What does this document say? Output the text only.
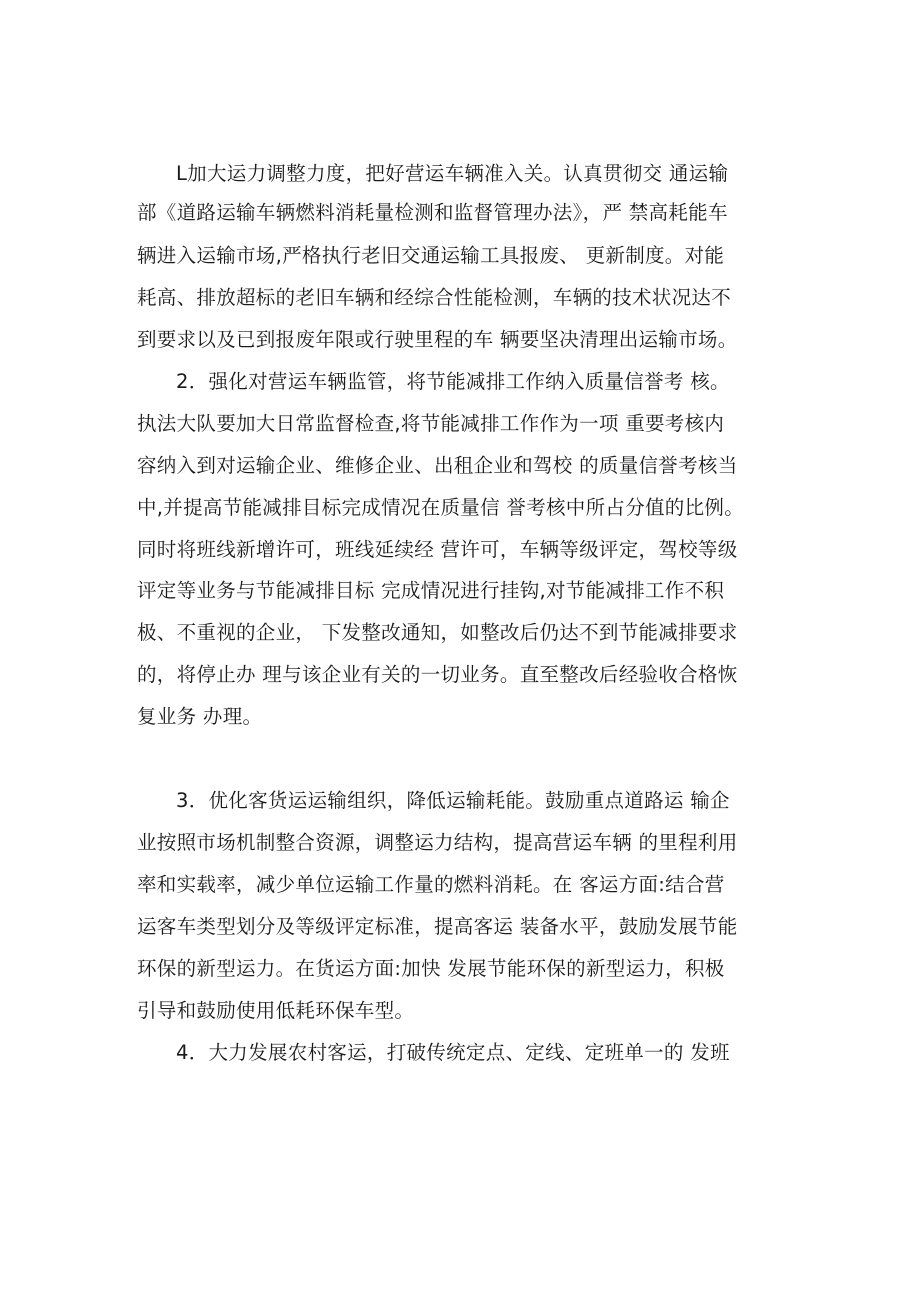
L加大运力调整力度，把好营运车辆准入关。认真贯彻交 通运输
部《道路运输车辆燃料消耗量检测和监督管理办法》，严 禁高耗能车
辆进入运输市场,严格执行老旧交通运输工具报废、 更新制度。对能
耗高、排放超标的老旧车辆和经综合性能检测，车辆的技术状况达不
到要求以及已到报废年限或行驶里程的车 辆要坚决清理出运输市场。
2．强化对营运车辆监管，将节能减排工作纳入质量信誉考 核。
执法大队要加大日常监督检查,将节能减排工作作为一项 重要考核内
容纳入到对运输企业、维修企业、出租企业和驾校 的质量信誉考核当
中,并提高节能减排目标完成情况在质量信 誉考核中所占分值的比例。
同时将班线新增许可，班线延续经 营许可，车辆等级评定，驾校等级
评定等业务与节能减排目标 完成情况进行挂钩,对节能减排工作不积
极、不重视的企业， 下发整改通知，如整改后仍达不到节能减排要求
的，将停止办 理与该企业有关的一切业务。直至整改后经验收合格恢
复业务 办理。
3．优化客货运运输组织，降低运输耗能。鼓励重点道路运 输企
业按照市场机制整合资源，调整运力结构，提高营运车辆 的里程利用
率和实载率，减少单位运输工作量的燃料消耗。在 客运方面:结合营
运客车类型划分及等级评定标准，提高客运 装备水平，鼓励发展节能
环保的新型运力。在货运方面:加快 发展节能环保的新型运力，积极
引导和鼓励使用低耗环保车型。
4．大力发展农村客运，打破传统定点、定线、定班单一的 发班
